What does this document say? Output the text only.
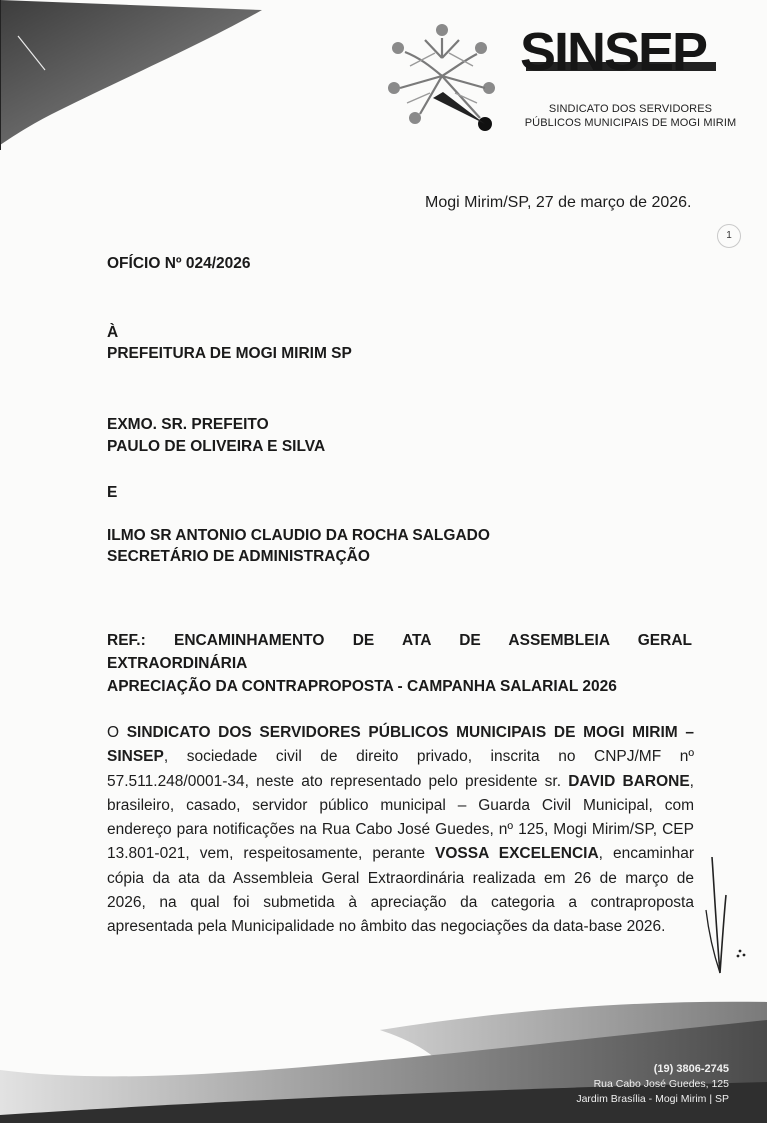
SINSEP
SINDICATO DOS SERVIDORES
PÚBLICOS MUNICIPAIS DE MOGI MIRIM
Mogi Mirim/SP, 27 de março de 2026.
1
OFÍCIO Nº 024/2026
À
PREFEITURA DE MOGI MIRIM SP
EXMO. SR. PREFEITO
PAULO DE OLIVEIRA E SILVA
E
ILMO SR ANTONIO CLAUDIO DA ROCHA SALGADO
SECRETÁRIO DE ADMINISTRAÇÃO
REF.: ENCAMINHAMENTO DE ATA DE ASSEMBLEIA GERAL EXTRAORDINÁRIA
APRECIAÇÃO DA CONTRAPROPOSTA - CAMPANHA SALARIAL 2026
O SINDICATO DOS SERVIDORES PÚBLICOS MUNICIPAIS DE MOGI MIRIM –
SINSEP, sociedade civil de direito privado, inscrita no CNPJ/MF nº
57.511.248/0001-34, neste ato representado pelo presidente sr. DAVID BARONE,
brasileiro, casado, servidor público municipal – Guarda Civil Municipal, com
endereço para notificações na Rua Cabo José Guedes, nº 125, Mogi Mirim/SP, CEP
13.801-021, vem, respeitosamente, perante VOSSA EXCELENCIA, encaminhar
cópia da ata da Assembleia Geral Extraordinária realizada em 26 de março de
2026, na qual foi submetida à apreciação da categoria a contraproposta
apresentada pela Municipalidade no âmbito das negociações da data-base 2026.
(19) 3806-2745
Rua Cabo José Guedes, 125
Jardim Brasília - Mogi Mirim | SP
